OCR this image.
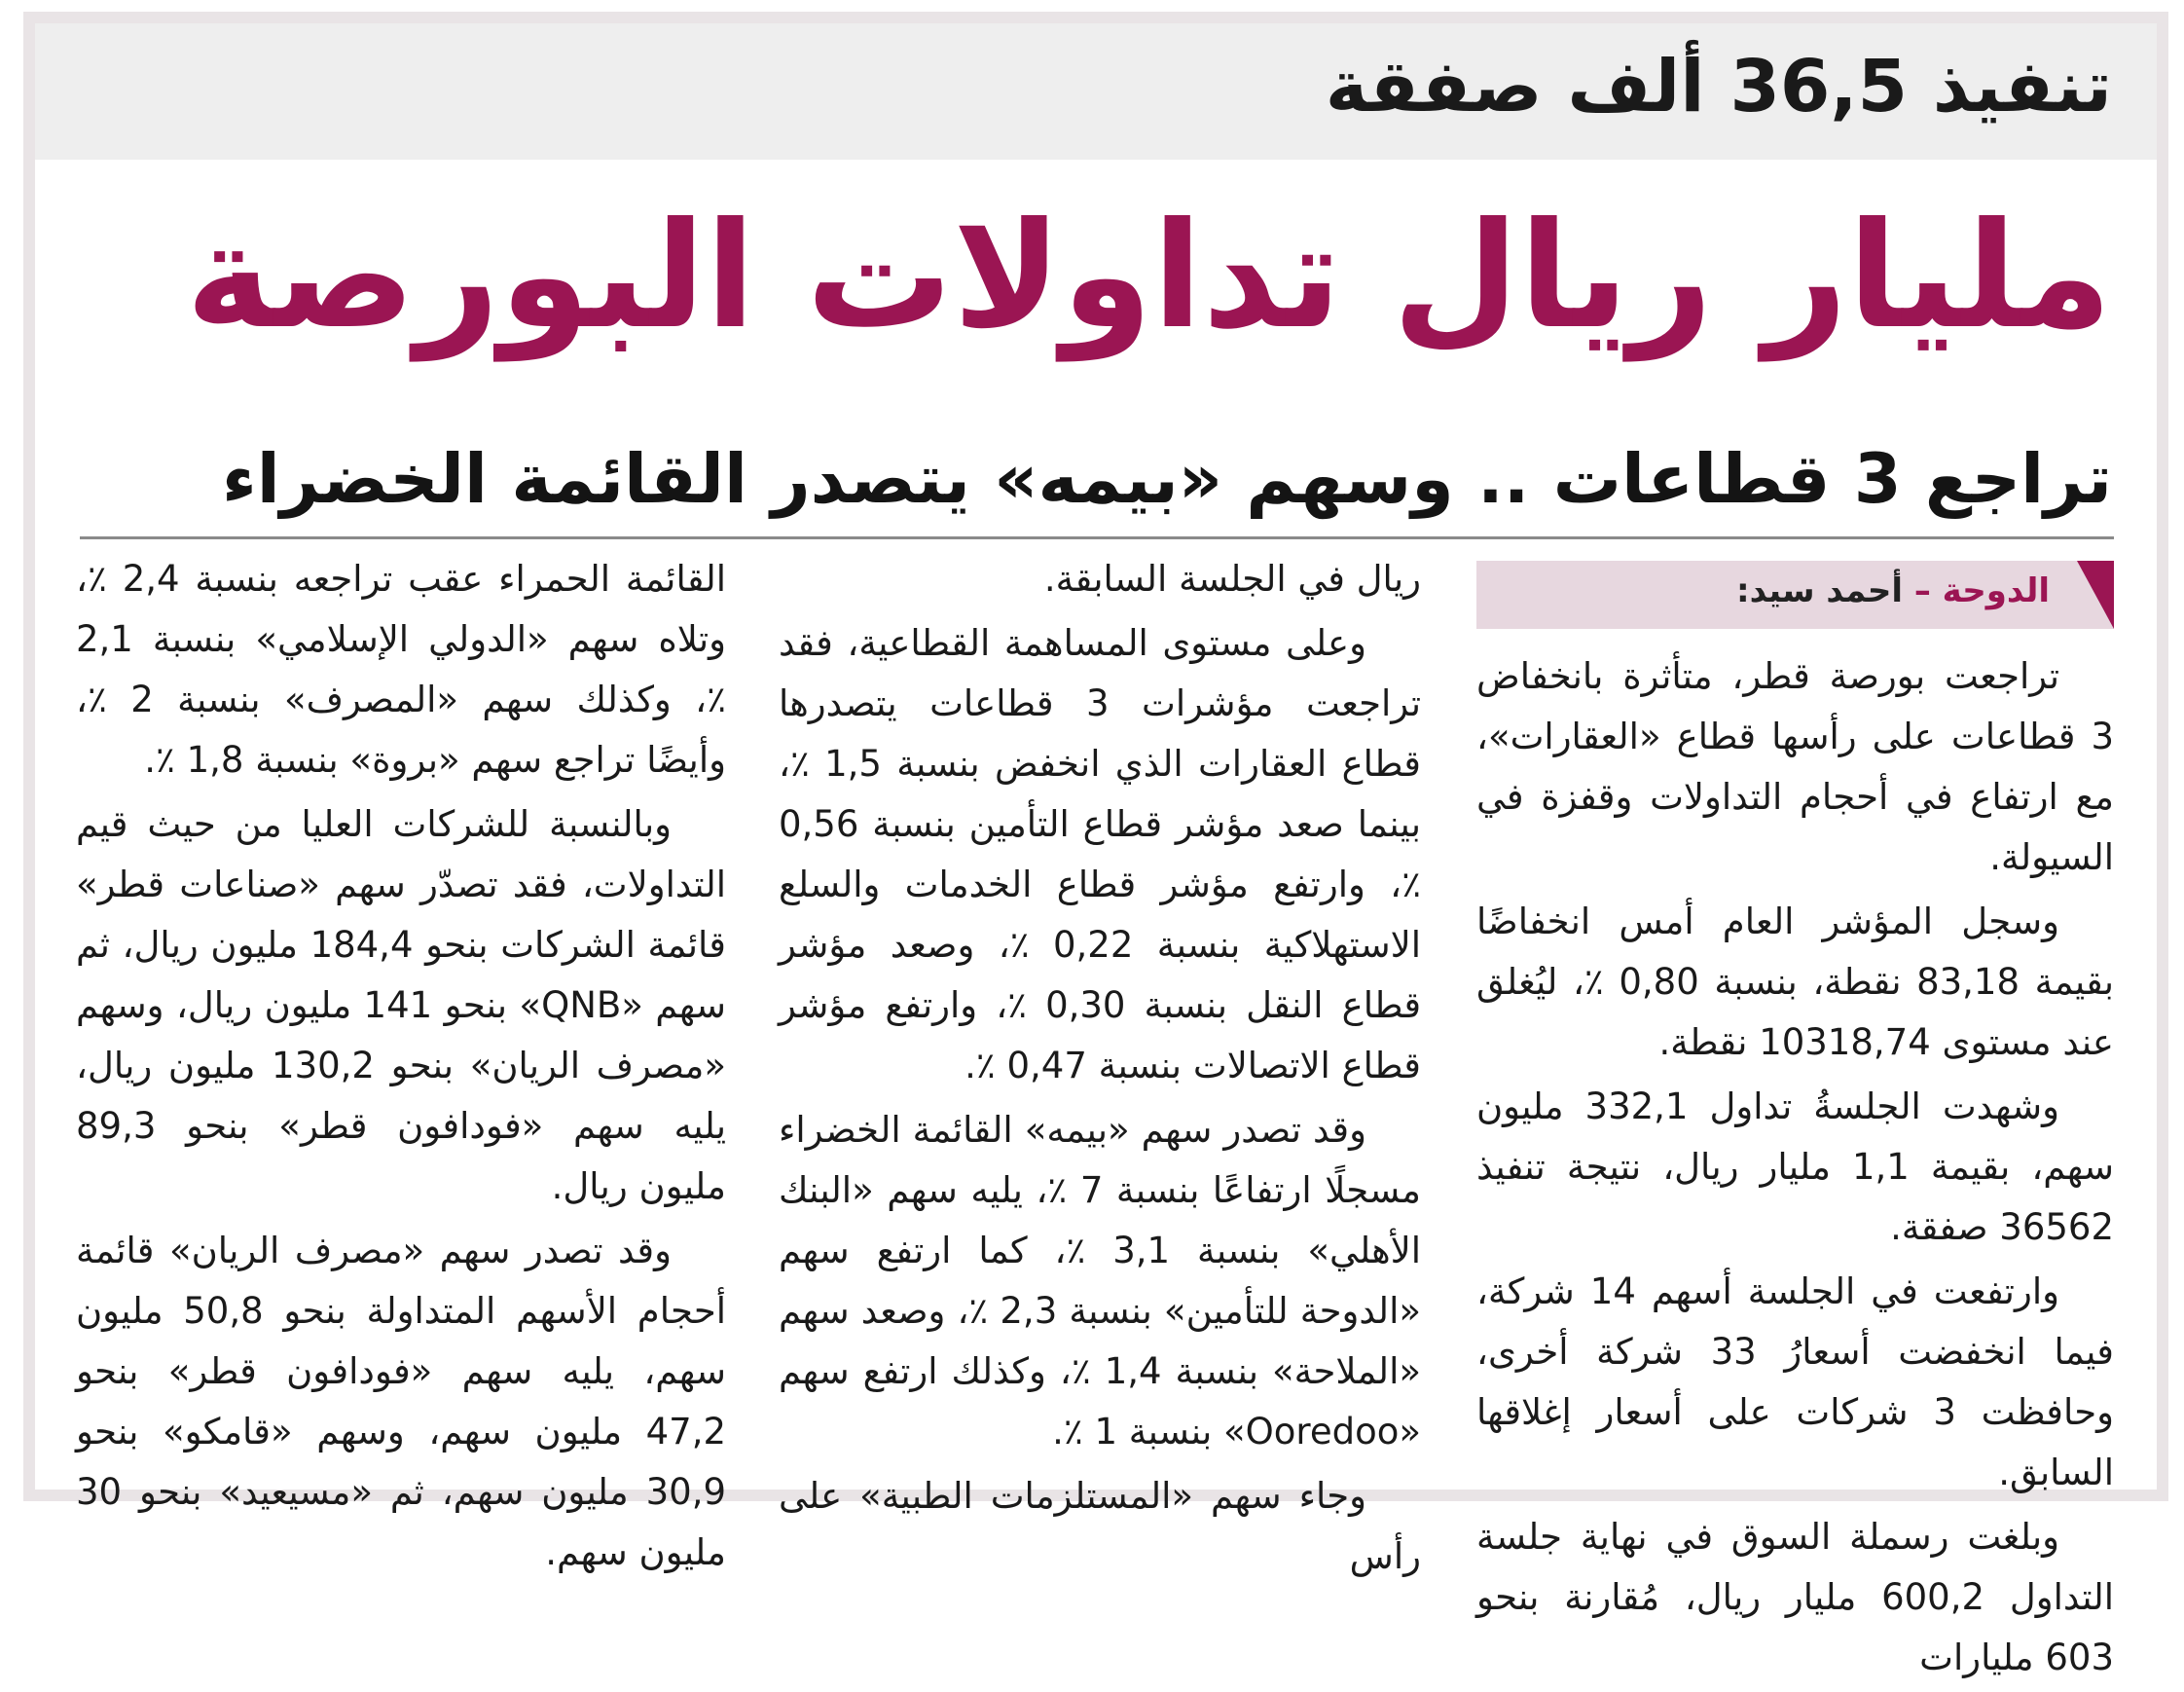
تنفيذ 36,5 ألف صفقة
مليار ريال تداولات البورصة
تراجع 3 قطاعات .. وسهم «بيمه» يتصدر القائمة الخضراء
الدوحة – أحمد سيد:

تراجعت بورصة قطر، متأثرة بانخفاض 3 قطاعات على رأسها قطاع «العقارات»، مع ارتفاع في أحجام التداولات وقفزة في السيولة.

وسجل المؤشر العام أمس انخفاضًا بقيمة 83,18 نقطة، بنسبة 0,80 ٪، ليُغلق عند مستوى 10318,74 نقطة.

وشهدت الجلسةُ تداول 332,1 مليون سهم، بقيمة 1,1 مليار ريال، نتيجة تنفيذ 36562 صفقة.

وارتفعت في الجلسة أسهم 14 شركة، فيما انخفضت أسعارُ 33 شركة أخرى، وحافظت 3 شركات على أسعار إغلاقها السابق.

وبلغت رسملة السوق في نهاية جلسة التداول 600,2 مليار ريال، مُقارنة بنحو 603 مليارات

ريال في الجلسة السابقة.

وعلى مستوى المساهمة القطاعية، فقد تراجعت مؤشرات 3 قطاعات يتصدرها قطاع العقارات الذي انخفض بنسبة 1,5 ٪، بينما صعد مؤشر قطاع التأمين بنسبة 0,56 ٪، وارتفع مؤشر قطاع الخدمات والسلع الاستهلاكية بنسبة 0,22 ٪، وصعد مؤشر قطاع النقل بنسبة 0,30 ٪، وارتفع مؤشر قطاع الاتصالات بنسبة 0,47 ٪.

وقد تصدر سهم «بيمه» القائمة الخضراء مسجلًا ارتفاعًا بنسبة 7 ٪، يليه سهم «البنك الأهلي» بنسبة 3,1 ٪، كما ارتفع سهم «الدوحة للتأمين» بنسبة 2,3 ٪، وصعد سهم «الملاحة» بنسبة 1,4 ٪، وكذلك ارتفع سهم «Ooredoo» بنسبة 1 ٪.

وجاء سهم «المستلزمات الطبية» على رأس

القائمة الحمراء عقب تراجعه بنسبة 2,4 ٪، وتلاه سهم «الدولي الإسلامي» بنسبة 2,1 ٪، وكذلك سهم «المصرف» بنسبة 2 ٪، وأيضًا تراجع سهم «بروة» بنسبة 1,8 ٪.

وبالنسبة للشركات العليا من حيث قيم التداولات، فقد تصدّر سهم «صناعات قطر» قائمة الشركات بنحو 184,4 مليون ريال، ثم سهم «QNB» بنحو 141 مليون ريال، وسهم «مصرف الريان» بنحو 130,2 مليون ريال، يليه سهم «فودافون قطر» بنحو 89,3 مليون ريال.

وقد تصدر سهم «مصرف الريان» قائمة أحجام الأسهم المتداولة بنحو 50,8 مليون سهم، يليه سهم «فودافون قطر» بنحو 47,2 مليون سهم، وسهم «قامكو» بنحو 30,9 مليون سهم، ثم «مسيعيد» بنحو 30 مليون سهم.
